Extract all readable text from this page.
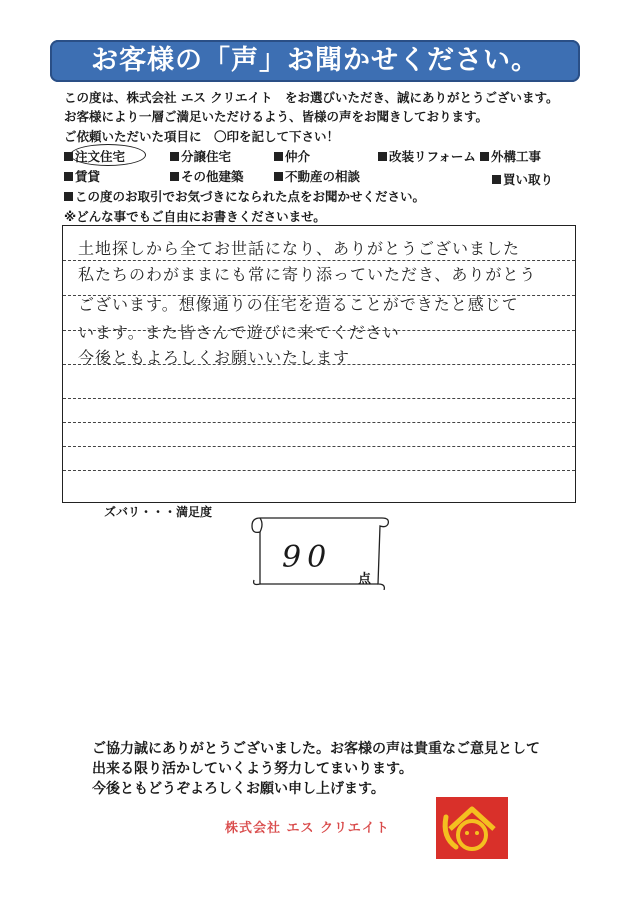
お客様の「声」お聞かせください。
この度は、株式会社 エス クリエイト　をお選びいただき、誠にありがとうございます。
お客様により一層ご満足いただけるよう、皆様の声をお聞きしております。
ご依頼いただいた項目に　〇印を記して下さい！
注文住宅	分譲住宅	仲介	改装リフォーム 外構工事
賃貸	その他建築	不動産の相談	買い取り
この度のお取引でお気づきになられた点をお聞かせください。
※どんな事でもご自由にお書きくださいませ。
土地探しから全てお世話になり、ありがとうございました
私たちのわがままにも常に寄り添っていただき、ありがとう
ございます。想像通りの住宅を造ることができたと感じて
います。また皆さんで遊びに来てください
今後ともよろしくお願いいたします
ズバリ・・・満足度
90
点
ご協力誠にありがとうございました。お客様の声は貴重なご意見として
出来る限り活かしていくよう努力してまいります。
今後ともどうぞよろしくお願い申し上げます。
株式会社 エス クリエイト
